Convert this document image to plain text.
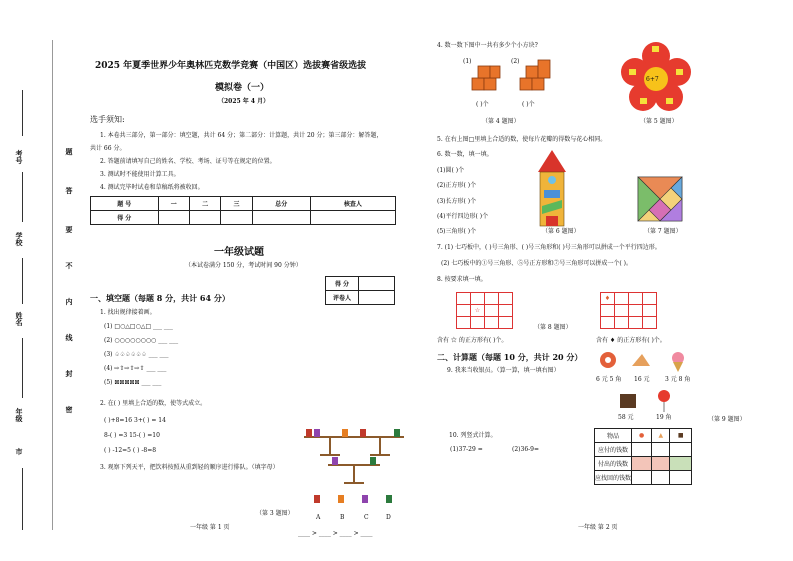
题
答
要
不
内
线
封
密
考号
学校
姓名
年级
市
2025 年夏季世界少年奥林匹克数学竞赛（中国区）选拔赛省级选拔
模拟卷（一）
（2025 年 4 月）
选手须知:
1. 本卷共三部分，第一部分：填空题，共计 64 分；第二部分：计算题，共计 20 分；第三部分：解答题，
共计 66 分。
2. 答题前请填写自己的姓名、学校、考场、证号等在规定的位置。
3. 测试时不能使用计算工具。
4. 测试完毕时试卷和草稿纸将被收回。
题 号	一	二	三	总分	核查人
得 分					
一年级试题
（本试卷满分 150 分，考试时间 90 分钟）
得 分	
评卷人	
一、填空题（每题 8 分，共计 64 分）
1. 找出规律接着画。
(1) □○△□○△□ ___ ___
(2) ○○○○○○○○ ___ ___
(3) ♤♤♤♤♤♤ ___ ___
(4) ⇨⇧⇨⇧⇨⇧ ___ ___
(5) ⊠⊠⊠⊠⊠ ___ ___
2. 在( ) 里填上合适的数，使等式成立。
( )+8=16 3+( ) = 14
8-( ) =3 15-( ) =10
( ) -12=5 ( ) -8=8
3. 观察下列天平，把饮料按照从重到轻的顺序进行排队。（填字母）
（第 3 题图）
A	B	C	D
____ > ____ > ____ > ____
一年级 第 1 页
4. 数一数下图中一共有多少个小方块?
(1)	(2)
( )个	( )个
（第 4 题图）
6+7
（第 5 题图）
5. 在右上图□里填上合适的数，使每片花瓣的得数与花心相同。
6. 数一数，填一填。
(1)圆( )个
(2)正方形( )个
(3)长方形( )个
(4)平行四边形( )个
(5)三角形( )个	（第 6 题图）	（第 7 题图）
7. (1) 七巧板中，( )号三角形、( )号三角形和( )号三角形可以拼成一个平行四边形。
(2) 七巧板中的①号三角形、⑤号正方形和⑦号三角形可以拼成一个( )。
8. 按要求填一填。

	☆		

♦			

（第 8 题图）
含有 ☆ 的正方形有( )个。	含有 ♦ 的正方形有( )个。
二、计算题（每题 10 分，共计 20 分）
9. 我来当收银员。（算一算，填一填右图）
6 元 5 角 16 元	3 元 8 角
58 元	19 角	（第 9 题图）
物品	●	▲	■
应付的钱数			
付出的钱数			
应找回的钱数			
10. 列竖式计算。
(1)37-29 =	(2)36-9=
一年级 第 2 页
